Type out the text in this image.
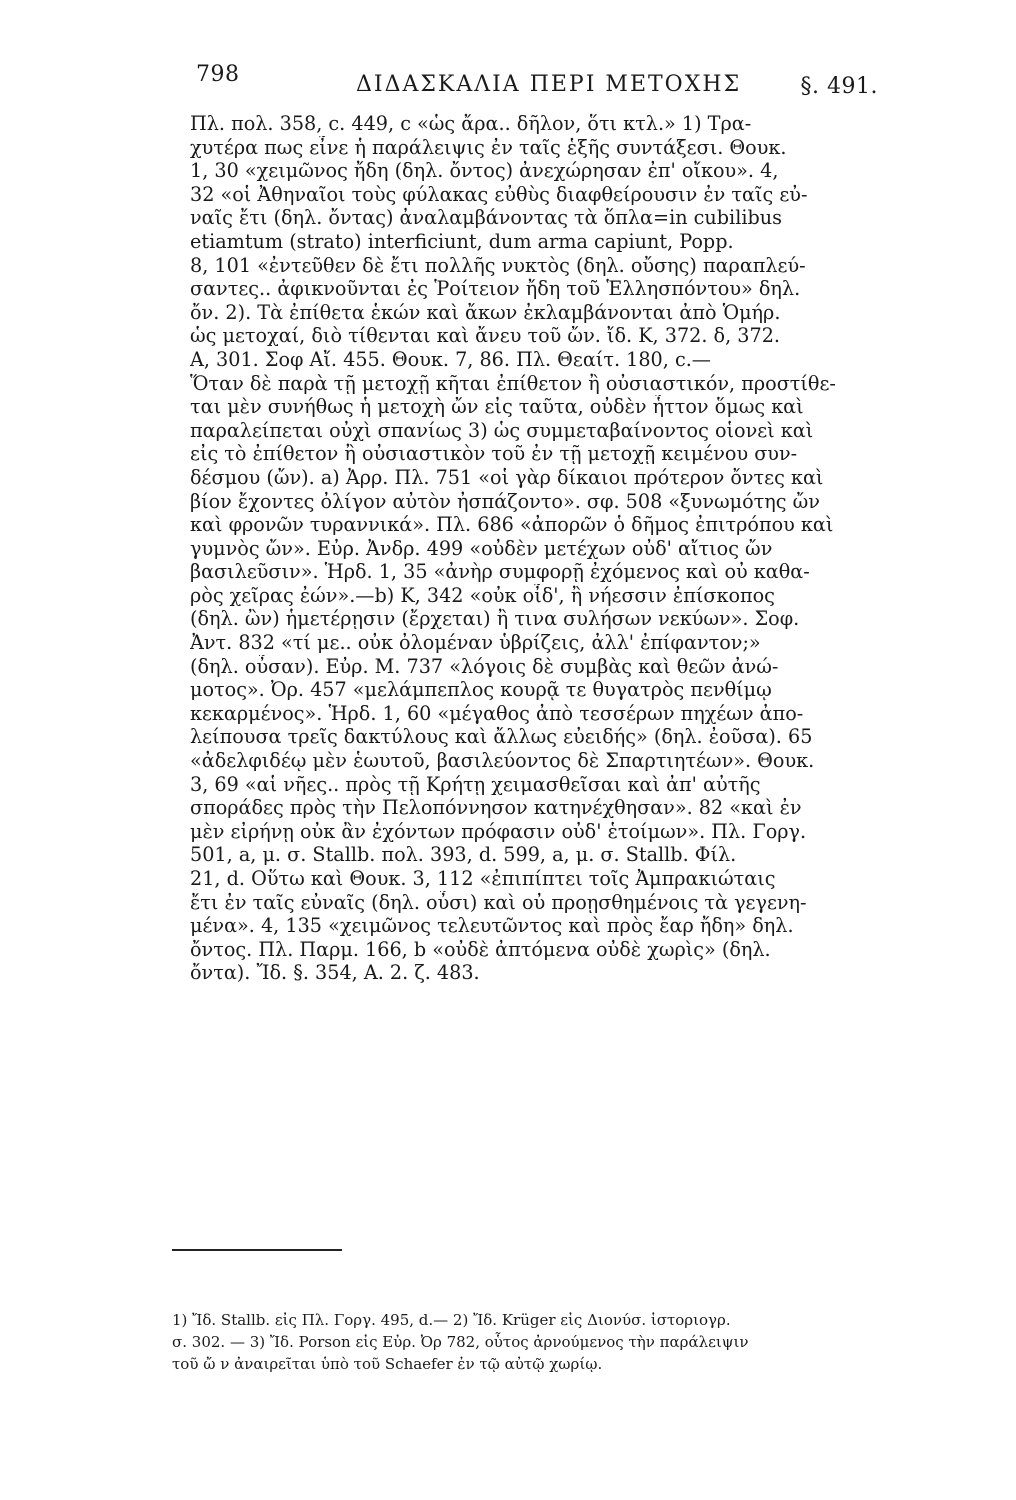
798	ΔΙΔΑΣΚΑΛΙΑ ΠΕΡΙ ΜΕΤΟΧΗΣ	§. 491.
Πλ. πολ. 358, c. 449, c «ὡς ἄρα.. δῆλον, ὅτι κτλ.» 1) Τρα-
χυτέρα πως εἶνε ἡ παράλειψις ἐν ταῖς ἑξῆς συντάξεσι. Θουκ.
1, 30 «χειμῶνος ἤδη (δηλ. ὄντος) ἀνεχώρησαν ἐπ' οἴκου». 4,
32 «οἱ Ἀθηναῖοι τοὺς φύλακας εὐθὺς διαφθείρουσιν ἐν ταῖς εὐ-
ναῖς ἔτι (δηλ. ὄντας) ἀναλαμβάνοντας τὰ ὅπλα=in cubilibus
etiamtum (strato) interficiunt, dum arma capiunt, Popp.
8, 101 «ἐντεῦθεν δὲ ἔτι πολλῆς νυκτὸς (δηλ. οὔσης) παραπλεύ-
σαντες.. ἀφικνοῦνται ἐς Ῥοίτειον ἤδη τοῦ Ἑλλησπόντου» δηλ.
ὄν. 2). Τὰ ἐπίθετα ἑκών καὶ ἄκων ἐκλαμβάνονται ἀπὸ Ὁμήρ.
ὡς μετοχαί, διὸ τίθενται καὶ ἄνευ τοῦ ὤν. ἴδ. Κ, 372. δ, 372.
Α, 301. Σοφ Αἴ. 455. Θουκ. 7, 86. Πλ. Θεαίτ. 180, c.—
Ὅταν δὲ παρὰ τῇ μετοχῇ κῆται ἐπίθετον ἢ οὐσιαστικόν, προστίθε-
ται μὲν συνήθως ἡ μετοχὴ ὤν εἰς ταῦτα, οὐδὲν ἧττον ὅμως καὶ
παραλείπεται οὐχὶ σπανίως 3) ὡς συμμεταβαίνοντος οἱονεὶ καὶ
εἰς τὸ ἐπίθετον ἢ οὐσιαστικὸν τοῦ ἐν τῇ μετοχῇ κειμένου συν-
δέσμου (ὤν). a) Ἀρρ. Πλ. 751 «οἱ γὰρ δίκαιοι πρότερον ὄντες καὶ
βίον ἔχοντες ὀλίγον αὐτὸν ἠσπάζοντο». σφ. 508 «ξυνωμότης ὤν
καὶ φρονῶν τυραννικά». Πλ. 686 «ἀπορῶν ὁ δῆμος ἐπιτρόπου καὶ
γυμνὸς ὤν». Εὐρ. Ἀνδρ. 499 «οὐδὲν μετέχων οὐδ' αἴτιος ὤν
βασιλεῦσιν». Ἡρδ. 1, 35 «ἀνὴρ συμφορῇ ἐχόμενος καὶ οὐ καθα-
ρὸς χεῖρας ἐών».—b) Κ, 342 «οὐκ οἶδ', ἢ νήεσσιν ἐπίσκοπος
(δηλ. ὢν) ἡμετέρῃσιν (ἔρχεται) ἢ τινα συλήσων νεκύων». Σοφ.
Ἀντ. 832 «τί με.. οὐκ ὀλομέναν ὑβρίζεις, ἀλλ' ἐπίφαντον;»
(δηλ. οὖσαν). Εὐρ. Μ. 737 «λόγοις δὲ συμβὰς καὶ θεῶν ἀνώ-
μοτος». Ὀρ. 457 «μελάμπεπλος κουρᾷ τε θυγατρὸς πενθίμῳ
κεκαρμένος». Ἡρδ. 1, 60 «μέγαθος ἀπὸ τεσσέρων πηχέων ἀπο-
λείπουσα τρεῖς δακτύλους καὶ ἄλλως εὐειδής» (δηλ. ἐοῦσα). 65
«ἀδελφιδέῳ μὲν ἑωυτοῦ, βασιλεύοντος δὲ Σπαρτιητέων». Θουκ.
3, 69 «αἱ νῆες.. πρὸς τῇ Κρήτῃ χειμασθεῖσαι καὶ ἀπ' αὐτῆς
σποράδες πρὸς τὴν Πελοπόννησον κατηνέχθησαν». 82 «καὶ ἐν
μὲν εἰρήνῃ οὐκ ἂν ἐχόντων πρόφασιν οὐδ' ἑτοίμων». Πλ. Γοργ.
501, a, μ. σ. Stallb. πολ. 393, d. 599, a, μ. σ. Stallb. Φίλ.
21, d. Οὕτω καὶ Θουκ. 3, 112 «ἐπιπίπτει τοῖς Ἀμπρακιώταις
ἔτι ἐν ταῖς εὐναῖς (δηλ. οὖσι) καὶ οὐ προῃσθημένοις τὰ γεγενη-
μένα». 4, 135 «χειμῶνος τελευτῶντος καὶ πρὸς ἔαρ ἤδη» δηλ.
ὄντος. Πλ. Παρμ. 166, b «οὐδὲ ἀπτόμενα οὐδὲ χωρὶς» (δηλ.
ὄντα). Ἴδ. §. 354, Α. 2. ζ. 483.
1) Ἴδ. Stallb. εἰς Πλ. Γοργ. 495, d.— 2) Ἴδ. Krüger εἰς Διονύσ. ἱστοριογρ.
σ. 302. — 3) Ἴδ. Porson εἰς Εὐρ. Ὀρ 782, οὗτος ἀρνούμενος τὴν παράλειψιν
τοῦ ὤ ν ἀναιρεῖται ὑπὸ τοῦ Schaefer ἐν τῷ αὐτῷ χωρίῳ.
